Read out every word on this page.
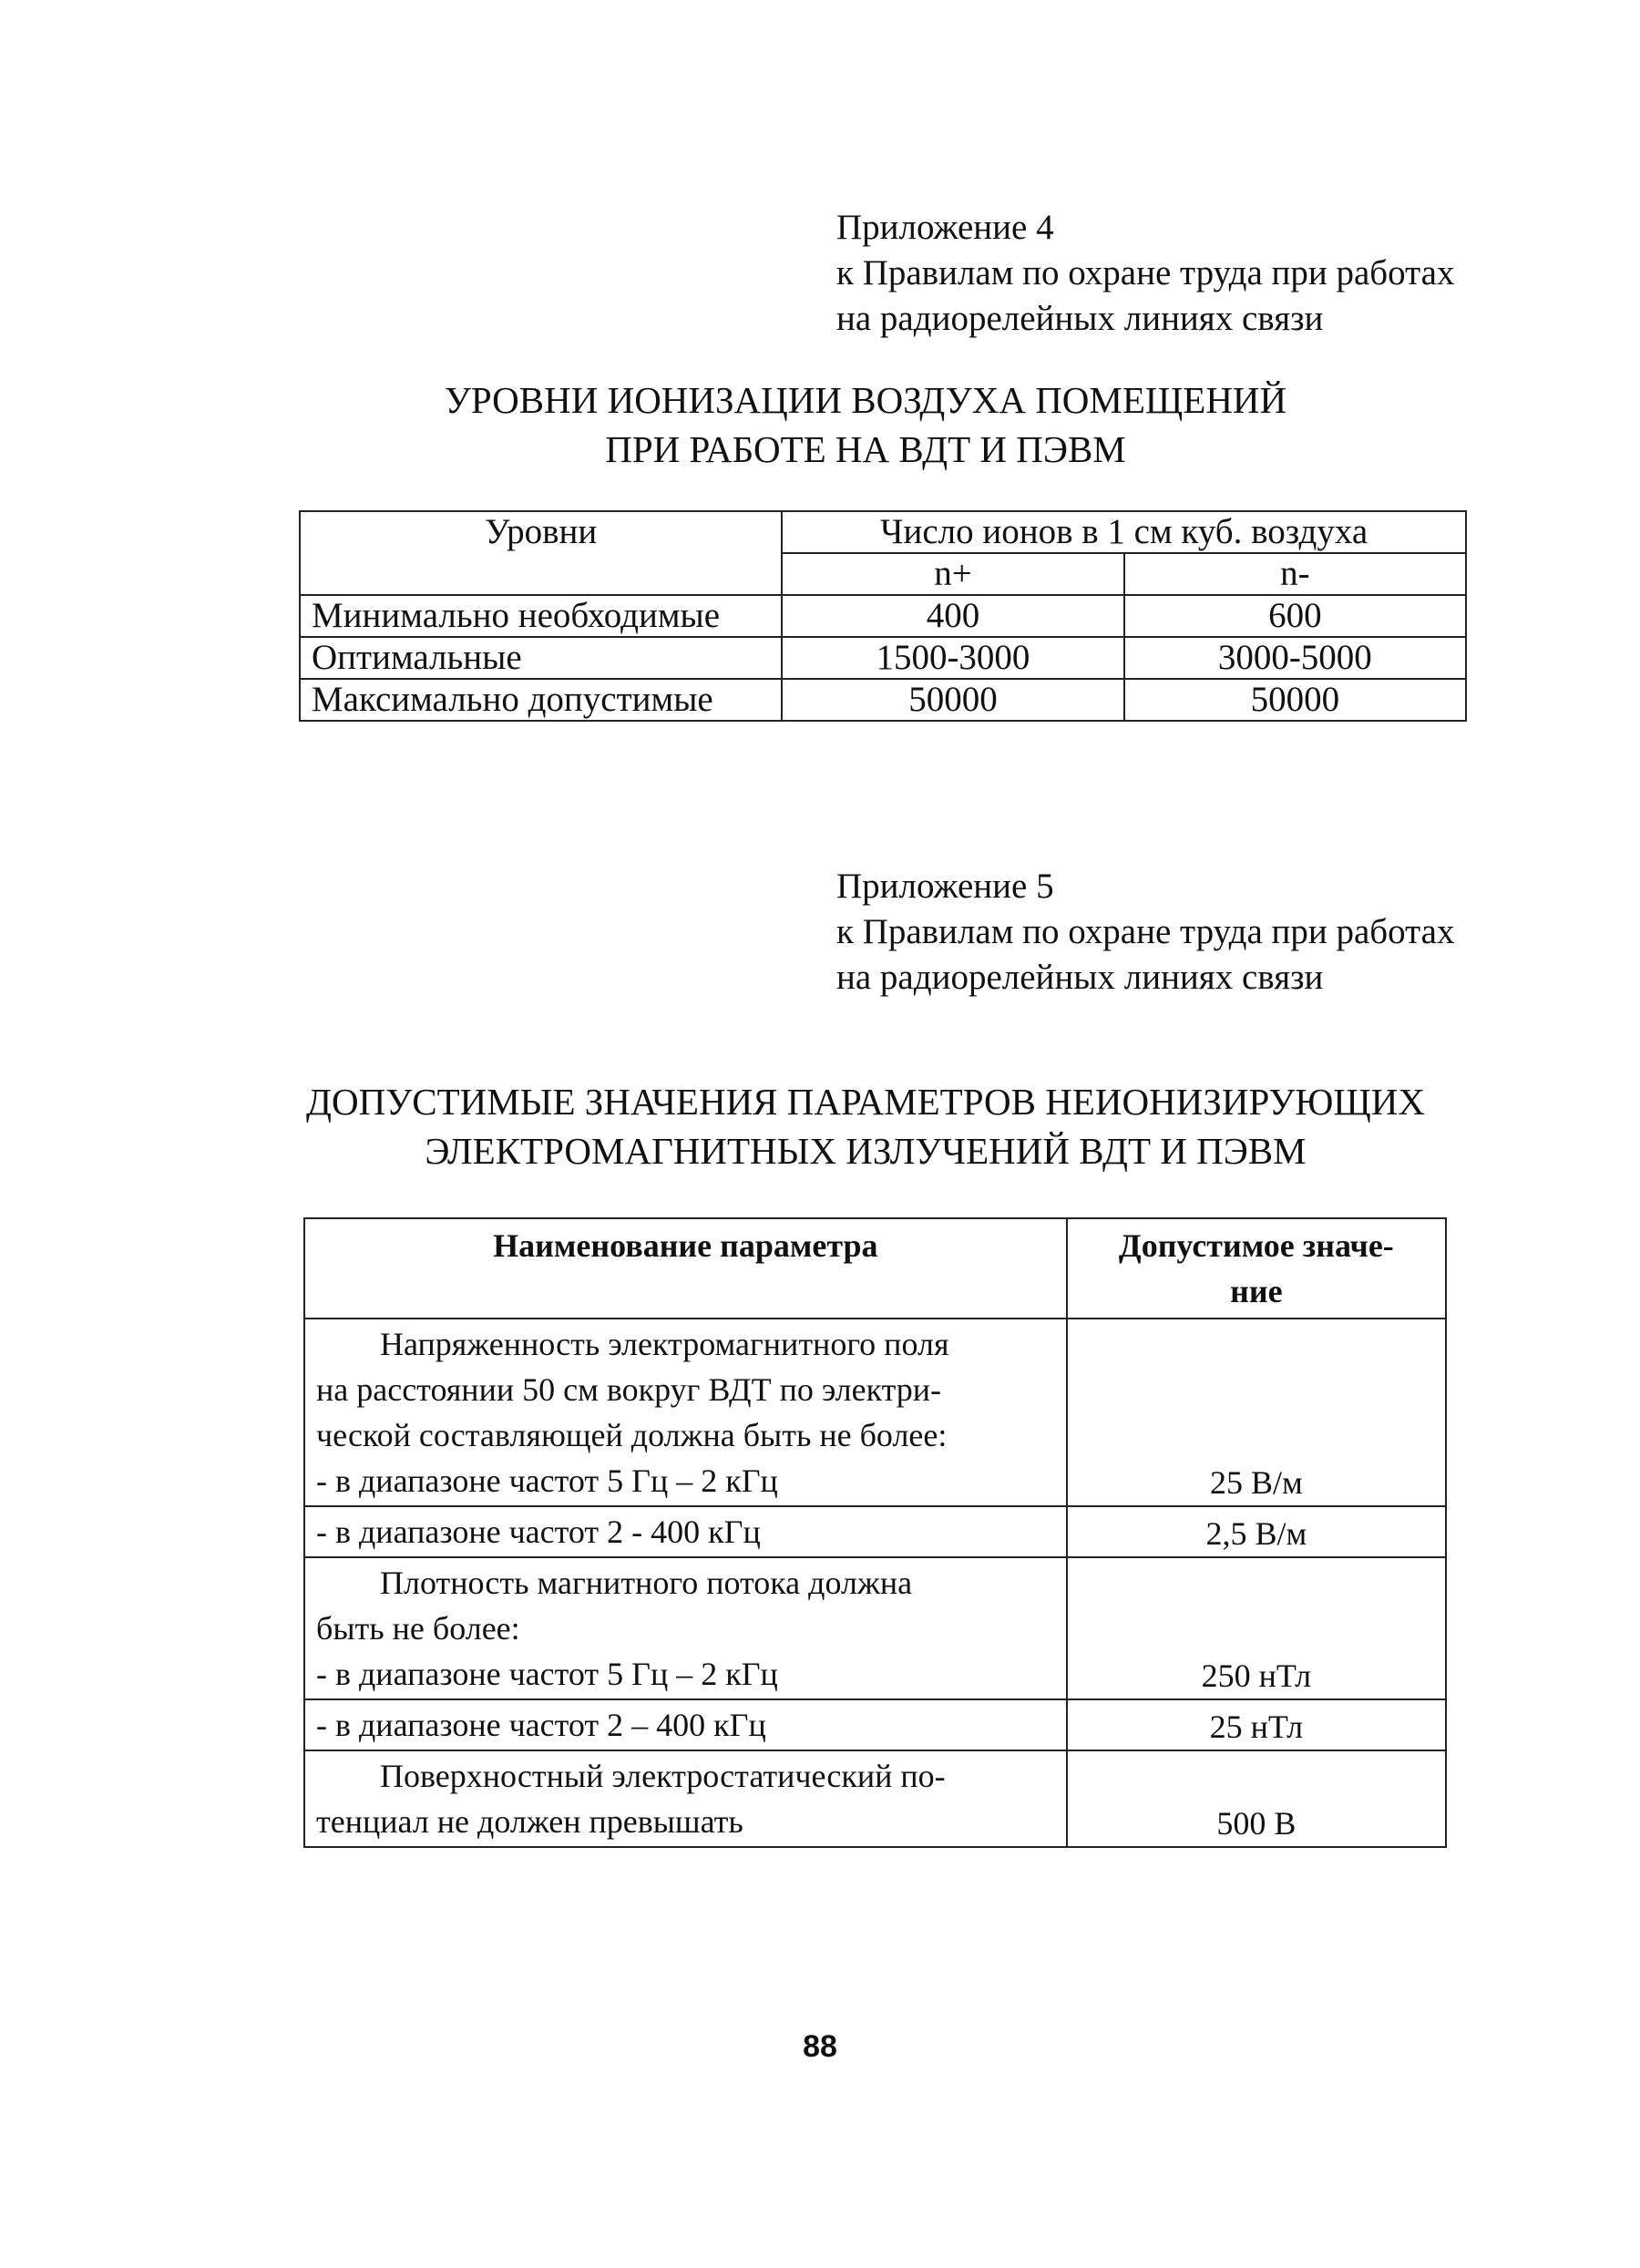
Приложение 4
к Правилам по охране труда при работах
на радиорелейных линиях связи
УРОВНИ ИОНИЗАЦИИ ВОЗДУХА ПОМЕЩЕНИЙ
ПРИ РАБОТЕ НА ВДТ И ПЭВМ
Уровни	Число ионов в 1 см куб. воздуха	
	n+	n-
Минимально необходимые	400	600
Оптимальные	1500-3000	3000-5000
Максимально допустимые	50000	50000
Приложение 5
к Правилам по охране труда при работах
на радиорелейных линиях связи
ДОПУСТИМЫЕ ЗНАЧЕНИЯ ПАРАМЕТРОВ НЕИОНИЗИРУЮЩИХ
ЭЛЕКТРОМАГНИТНЫХ ИЗЛУЧЕНИЙ ВДТ И ПЭВМ
Наименование параметра	Допустимое значе-
ние

Напряженность электромагнитного поля
на расстоянии 50 см вокруг ВДТ по электри-
ческой составляющей должна быть не более:
- в диапазоне частот 5 Гц – 2 кГц	25 В/м

- в диапазоне частот 2 - 400 кГц	2,5 В/м

Плотность магнитного потока должна
быть не более:
- в диапазоне частот 5 Гц – 2 кГц	250 нТл

- в диапазоне частот 2 – 400 кГц	25 нТл

Поверхностный электростатический по-
тенциал не должен превышать	500 В
88
